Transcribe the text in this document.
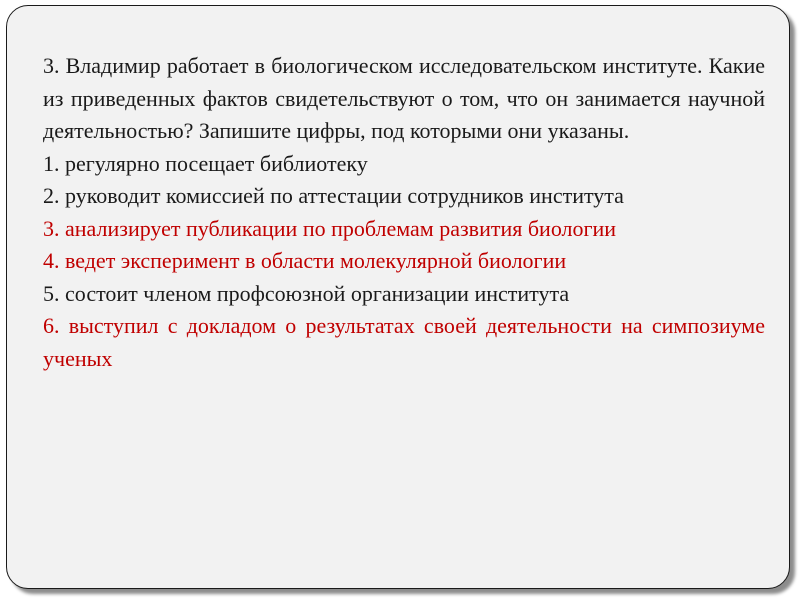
3. Владимир работает в биологическом исследовательском институте. Какие из приведенных фактов свидетельствуют о том, что он занимается научной деятельностью? Запишите цифры, под которыми они указаны.

1. регулярно посещает библиотеку
2. руководит комиссией по аттестации сотрудников института
3. анализирует публикации по проблемам развития биологии
4. ведет эксперимент в области молекулярной биологии
5. состоит членом профсоюзной организации института
6. выступил с докладом о результатах своей деятельности на симпозиуме ученых
